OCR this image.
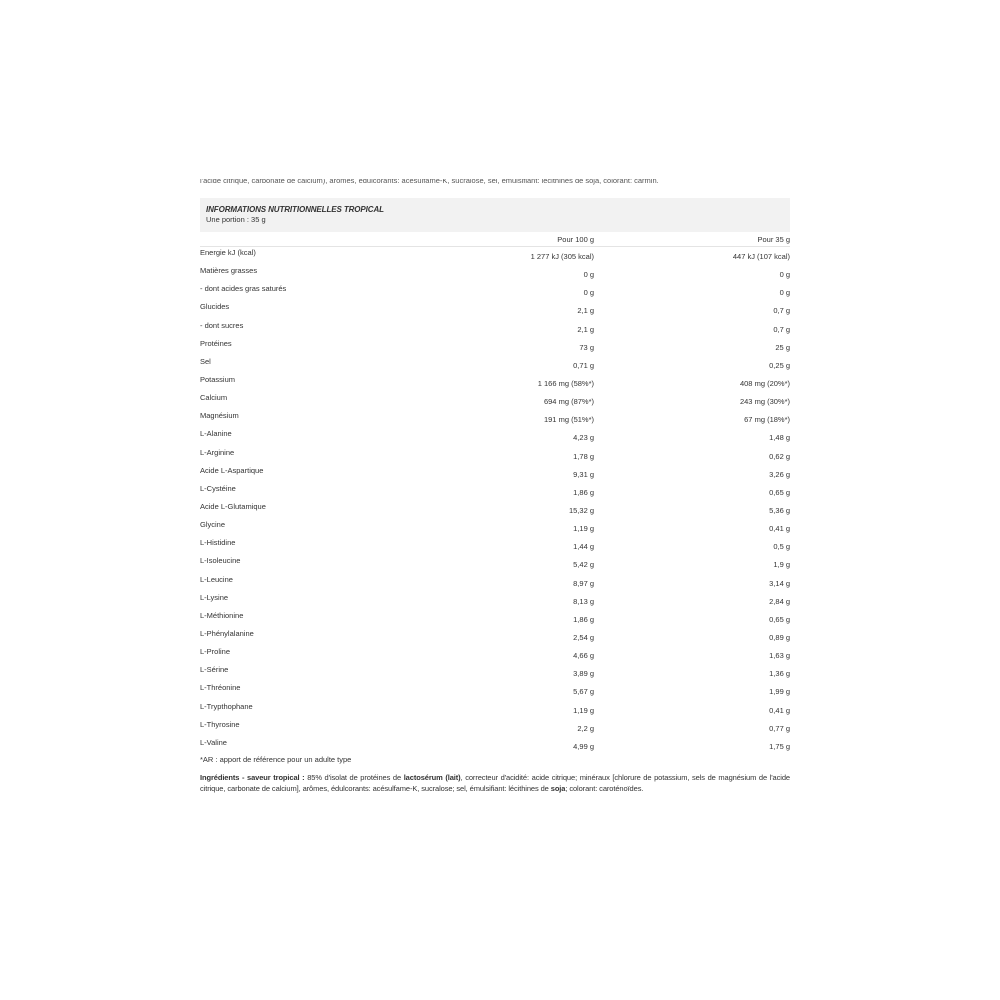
l'acide citrique, carbonate de calcium), arômes, édulcorants: acésulfame-K, sucralose, sel, émulsifiant: lécithines de soja, colorant: carmin.
INFORMATIONS NUTRITIONNELLES TROPICAL
Une portion : 35 g
Pour 100 g	Pour 35 g
Energie kJ (kcal)	1 277 kJ (305 kcal)	447 kJ (107 kcal)
Matières grasses	0 g	0 g
- dont acides gras saturés	0 g	0 g
Glucides	2,1 g	0,7 g
- dont sucres	2,1 g	0,7 g
Protéines	73 g	25 g
Sel	0,71 g	0,25 g
Potassium	1 166 mg (58%*)	408 mg (20%*)
Calcium	694 mg (87%*)	243 mg (30%*)
Magnésium	191 mg (51%*)	67 mg (18%*)
L-Alanine	4,23 g	1,48 g
L-Arginine	1,78 g	0,62 g
Acide L-Aspartique	9,31 g	3,26 g
L-Cystéine	1,86 g	0,65 g
Acide L-Glutamique	15,32 g	5,36 g
Glycine	1,19 g	0,41 g
L-Histidine	1,44 g	0,5 g
L-Isoleucine	5,42 g	1,9 g
L-Leucine	8,97 g	3,14 g
L-Lysine	8,13 g	2,84 g
L-Méthionine	1,86 g	0,65 g
L-Phénylalanine	2,54 g	0,89 g
L-Proline	4,66 g	1,63 g
L-Sérine	3,89 g	1,36 g
L-Thréonine	5,67 g	1,99 g
L-Trypthophane	1,19 g	0,41 g
L-Thyrosine	2,2 g	0,77 g
L-Valine	4,99 g	1,75 g
*AR : apport de référence pour un adulte type
Ingrédients - saveur tropical : 85% d'isolat de protéines de lactosérum (lait), correcteur d'acidité: acide citrique; minéraux [chlorure de potassium, sels de magnésium de l'acide citrique, carbonate de calcium], arômes, édulcorants: acésulfame-K, sucralose; sel, émulsifiant: lécithines de soja; colorant: caroténoïdes.
